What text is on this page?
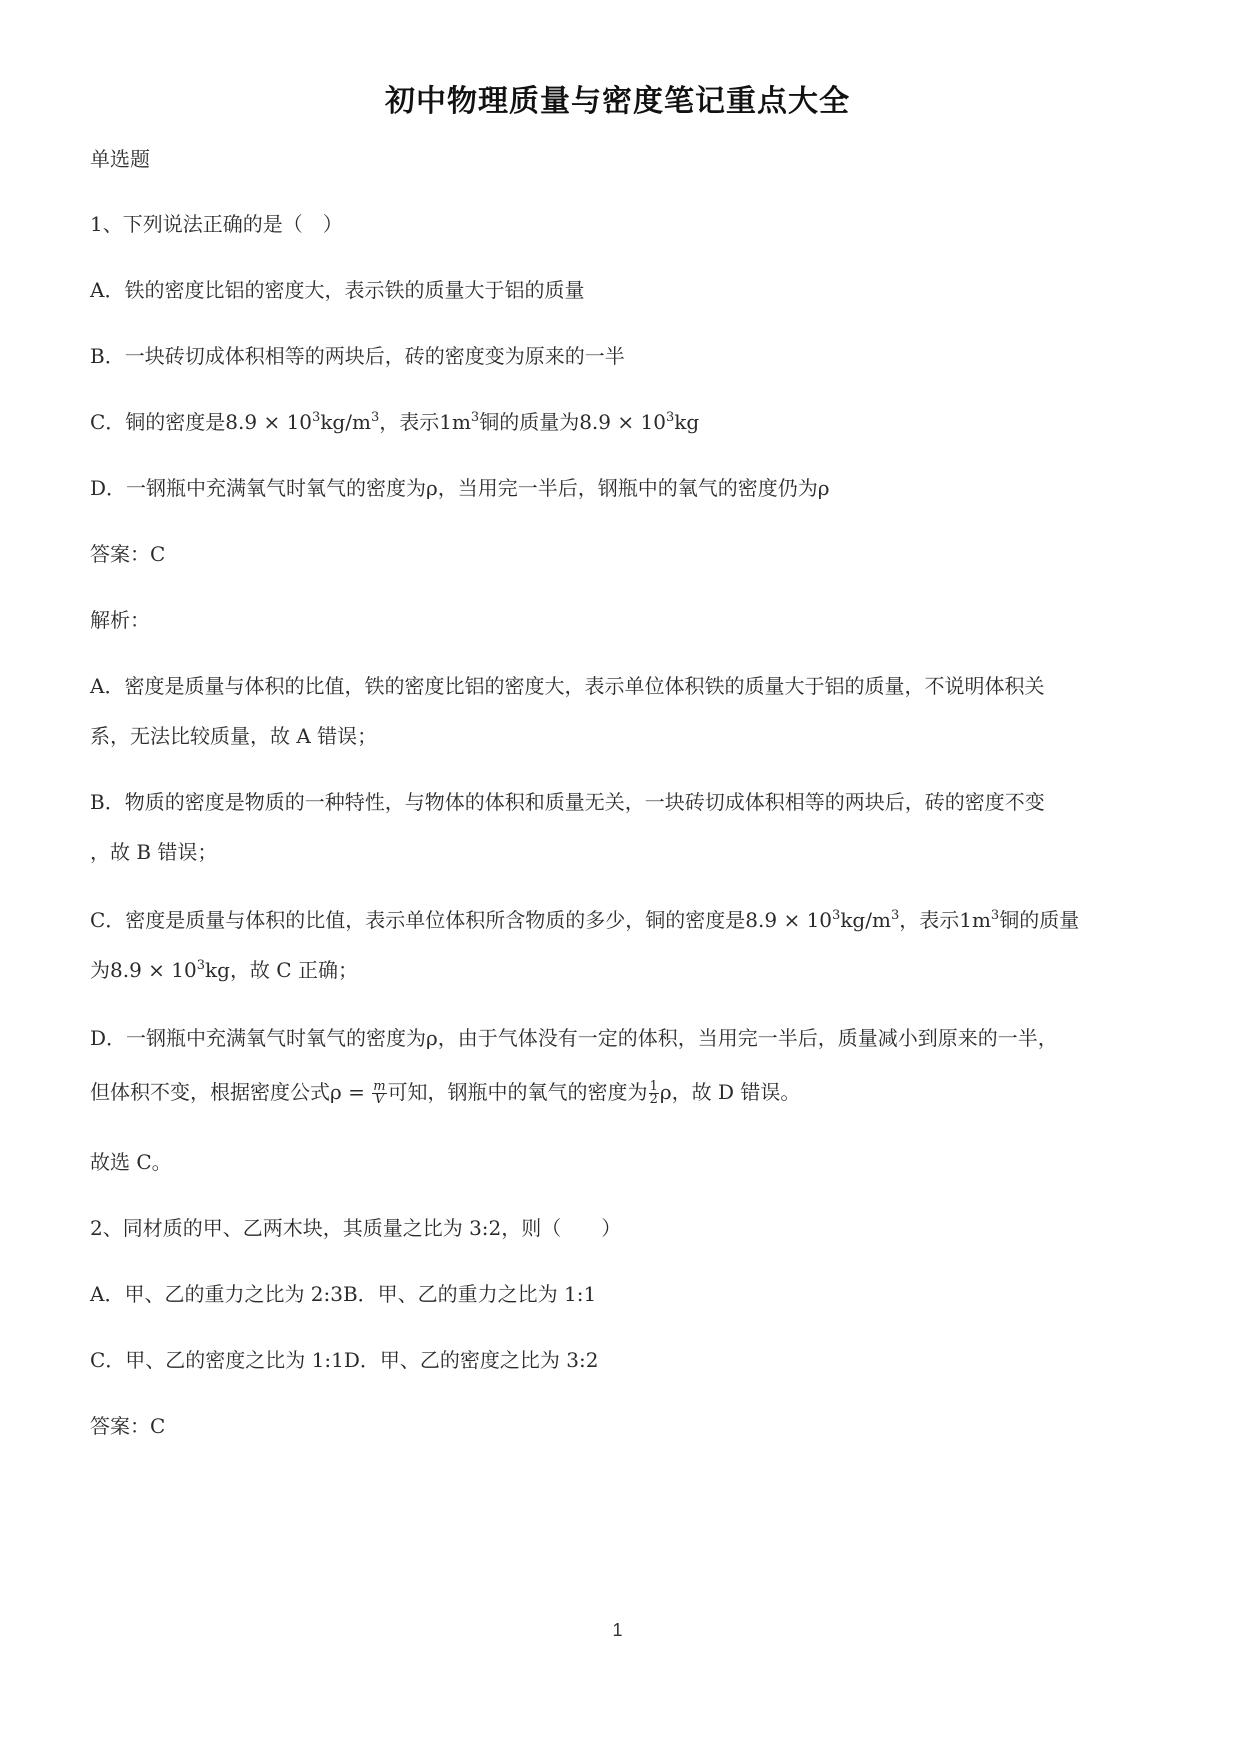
初中物理质量与密度笔记重点大全
单选题
1、下列说法正确的是（　）
A．铁的密度比铝的密度大，表示铁的质量大于铝的质量
B．一块砖切成体积相等的两块后，砖的密度变为原来的一半
C．铜的密度是$8.9 \times 10^3kg/m^3$，表示$1m^3$铜的质量为$8.9 \times 10^3kg$
D．一钢瓶中充满氧气时氧气的密度为ρ，当用完一半后，钢瓶中的氧气的密度仍为ρ
答案：C
解析：
A．密度是质量与体积的比值，铁的密度比铝的密度大，表示单位体积铁的质量大于铝的质量，不说明体积关
系，无法比较质量，故 A 错误；
B．物质的密度是物质的一种特性，与物体的体积和质量无关，一块砖切成体积相等的两块后，砖的密度不变
，故 B 错误；
C．密度是质量与体积的比值，表示单位体积所含物质的多少，铜的密度是$8.9 \times 10^3kg/m^3$，表示$1m^3$铜的质量
为$8.9 \times 10^3kg$，故 C 正确；
D．一钢瓶中充满氧气时氧气的密度为ρ，由于气体没有一定的体积，当用完一半后，质量减小到原来的一半，
但体积不变，根据密度公式$\rho = \frac{m}{V}$ 可知，钢瓶中的氧气的密度为 $\frac{1}{2}$ ρ，故 D 错误。
故选 C。
2、同材质的甲、乙两木块，其质量之比为 3:2，则（　　）
A．甲、乙的重力之比为 2:3B．甲、乙的重力之比为 1:1
C．甲、乙的密度之比为 1:1D．甲、乙的密度之比为 3:2
答案：C
1
